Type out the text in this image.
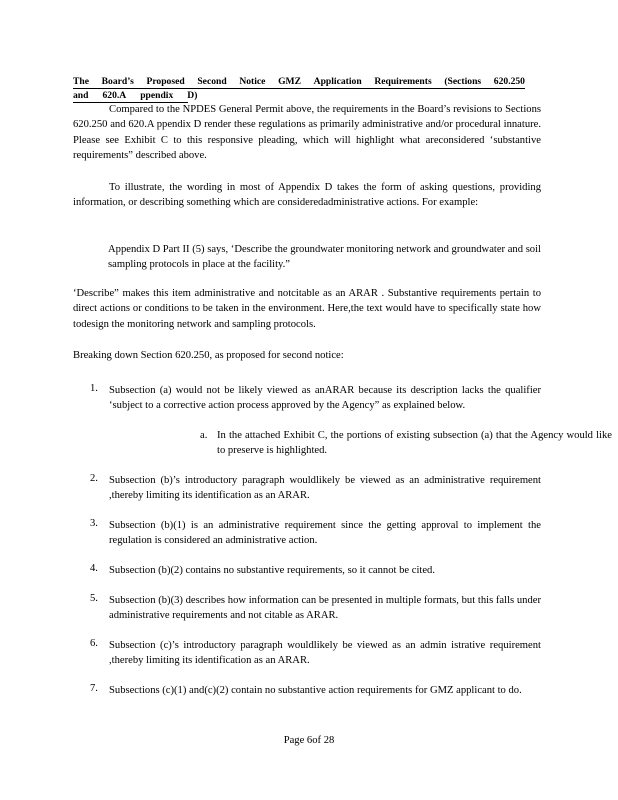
The Board’s Proposed Second Notice GMZ Application Requirements (Sections 620.250
and 620.A ppendix D)

Compared to the NPDES General Permit above, the requirements in the Board’s revisions to Sections 620.250 and 620.A ppendix D render these regulations as primarily administrative and/or procedural innature. Please see Exhibit C to this responsive pleading, which will highlight what areconsidered ‘substantive requirements” described above.

To illustrate, the wording in most of Appendix D takes the form of asking questions, providing information, or describing something which are consideredadministrative actions. For example:

Appendix D Part II (5) says, ‘Describe the groundwater monitoring network and groundwater and soil sampling protocols in place at the facility.”

‘Describe” makes this item administrative and notcitable as an ARAR . Substantive requirements pertain to direct actions or conditions to be taken in the environment. Here,the text would have to specifically state how todesign the monitoring network and sampling protocols.

Breaking down Section 620.250, as proposed for second notice:

1.	Subsection (a) would not be likely viewed as anARAR because its description lacks the qualifier ‘subject to a corrective action process approved by the Agency” as explained below.
a. In the attached Exhibit C, the portions of existing subsection (a) that the Agency would like to preserve is highlighted.
2.	Subsection (b)’s introductory paragraph wouldlikely be viewed as an administrative requirement ,thereby limiting its identification as an ARAR.
3.	Subsection (b)(1) is an administrative requirement since the getting approval to implement the regulation is considered an administrative action.
4.	Subsection (b)(2) contains no substantive requirements, so it cannot be cited.
5.	Subsection (b)(3) describes how information can be presented in multiple formats, but this falls under administrative requirements and not citable as ARAR.
6.	Subsection (c)’s introductory paragraph wouldlikely be viewed as an admin istrative requirement ,thereby limiting its identification as an ARAR.
7.	Subsections (c)(1) and(c)(2) contain no substantive action requirements for GMZ applicant to do.
Page 6of 28
